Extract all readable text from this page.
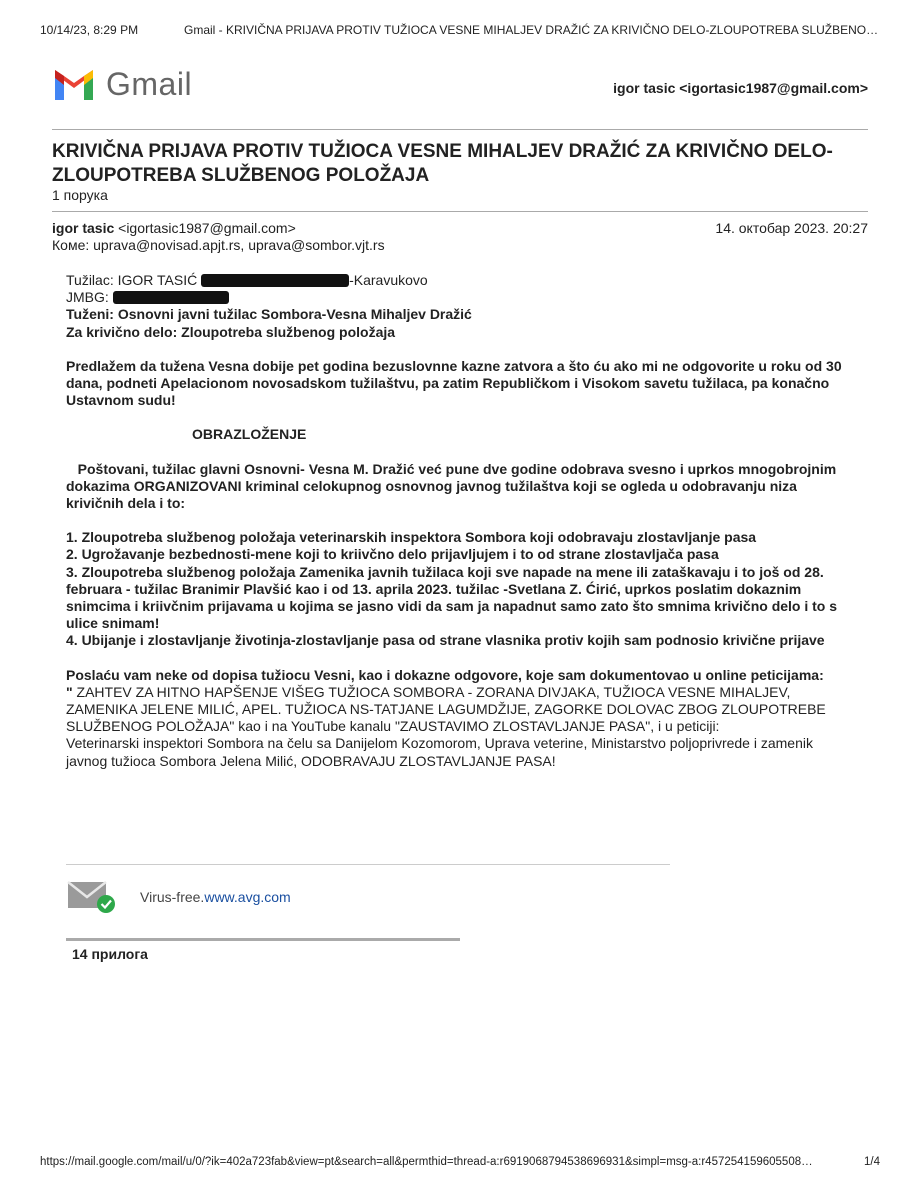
10/14/23, 8:29 PM	Gmail - KRIVIČNA PRIJAVA PROTIV TUŽIOCA VESNE MIHALJEV DRAŽIĆ ZA KRIVIČNO DELO-ZLOUPOTREBA SLUŽBENO…
Gmail	igor tasic <igortasic1987@gmail.com>
KRIVIČNA PRIJAVA PROTIV TUŽIOCA VESNE MIHALJEV DRAŽIĆ ZA KRIVIČNO DELO-ZLOUPOTREBA SLUŽBENOG POLOŽAJA
1 порука
igor tasic <igortasic1987@gmail.com>	14. октобар 2023. 20:27
Коме: uprava@novisad.apjt.rs, uprava@sombor.vjt.rs

Tužilac: IGOR TASIĆ	-Karavukovo

JMBG:

Tuženi: Osnovni javni tužilac Sombora-Vesna Mihaljev Dražić

Za krivično delo: Zloupotreba službenog položaja

Predlažem da tužena Vesna dobije pet godina bezuslovnne kazne zatvora a što ću ako mi ne odgovorite u roku od 30 dana, podneti Apelacionom novosadskom tužilaštvu, pa zatim Republičkom i Visokom savetu tužilaca, pa konačno Ustavnom sudu!

OBRAZLOŽENJE

Poštovani, tužilac glavni Osnovni- Vesna M. Dražić već pune dve godine odobrava svesno i uprkos mnogobrojnim dokazima ORGANIZOVANI kriminal celokupnog osnovnog javnog tužilaštva koji se ogleda u odobravanju niza krivičnih dela i to:

1. Zloupotreba službenog položaja veterinarskih inspektora Sombora koji odobravaju zlostavljanje pasa

2. Ugrožavanje bezbednosti-mene koji to kriivčno delo prijavljujem i to od strane zlostavljača pasa

3. Zloupotreba službenog položaja Zamenika javnih tužilaca koji sve napade na mene ili zataškavaju i to još od 28. februara - tužilac Branimir Plavšić kao i od 13. aprila 2023. tužilac -Svetlana Z. Ćirić, uprkos poslatim dokaznim snimcima i kriivčnim prijavama u kojima se jasno vidi da sam ja napadnut samo zato što smnima krivično delo i to s ulice snimam!

4. Ubijanje i zlostavljanje životinja-zlostavljanje pasa od strane vlasnika protiv kojih sam podnosio krivične prijave

Poslaću vam neke od dopisa tužiocu Vesni, kao i dokazne odgovore, koje sam dokumentovao u online peticijama:

" ZAHTEV ZA HITNO HAPŠENJE VIŠEG TUŽIOCA SOMBORA - ZORANA DIVJAKA, TUŽIOCA VESNE MIHALJEV, ZAMENIKA JELENE MILIĆ, APEL. TUŽIOCA NS-TATJANE LAGUMDŽIJE, ZAGORKE DOLOVAC ZBOG ZLOUPOTREBE SLUŽBENOG POLOŽAJA" kao i na YouTube kanalu "ZAUSTAVIMO ZLOSTAVLJANJE PASA", i u peticiji:

Veterinarski inspektori Sombora na čelu sa Danijelom Kozomorom, Uprava veterine, Ministarstvo poljoprivrede i zamenik javnog tužioca Sombora Jelena Milić, ODOBRAVAJU ZLOSTAVLJANJE PASA!

Virus-free.www.avg.com
14 прилога
https://mail.google.com/mail/u/0/?ik=402a723fab&view=pt&search=all&permthid=thread-a:r6919068794538696931&simpl=msg-a:r457254159605508…	1/4
